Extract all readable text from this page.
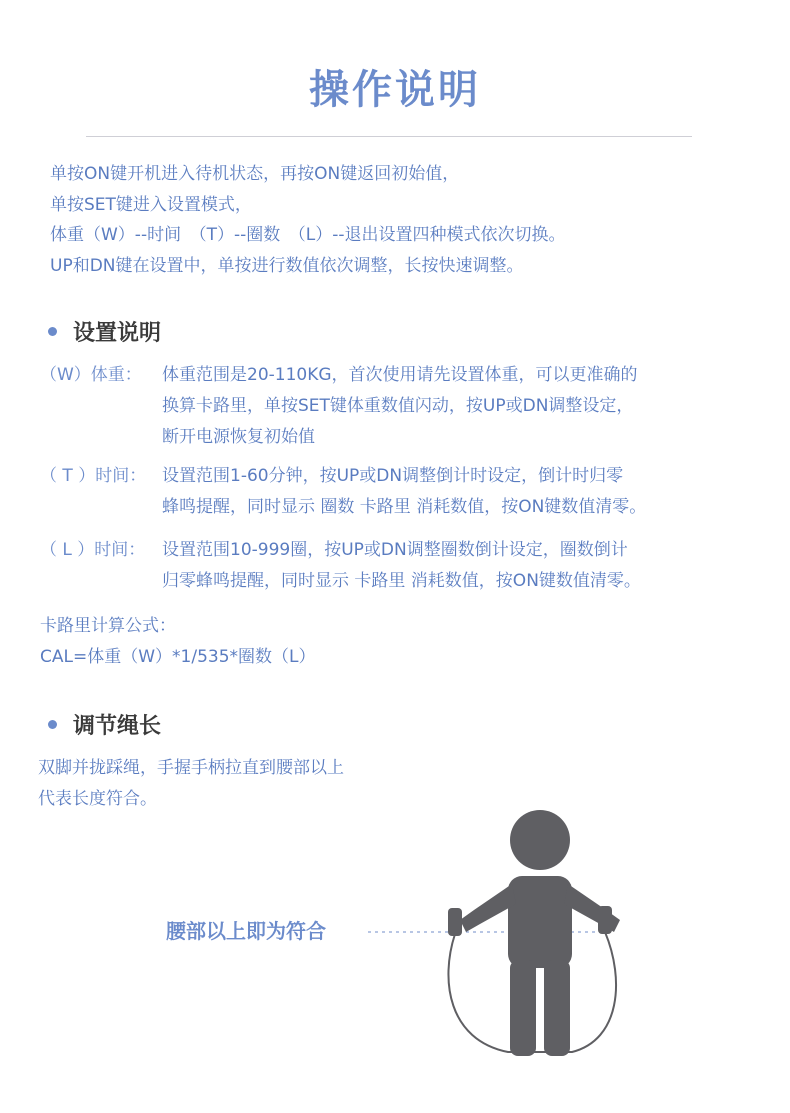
操作说明
单按ON键开机进入待机状态，再按ON键返回初始值，
单按SET键进入设置模式，
体重（W）--时间　（T）--圈数　（L）--退出设置四种模式依次切换。
UP和DN键在设置中，单按进行数值依次调整，长按快速调整。
设置说明
（W）体重：	体重范围是20-110KG，首次使用请先设置体重，可以更准确的
换算卡路里，单按SET键体重数值闪动，按UP或DN调整设定，
断开电源恢复初始值
（ T ）时间： 设置范围1-60分钟，按UP或DN调整倒计时设定，倒计时归零
蜂鸣提醒，同时显示 圈数 卡路里 消耗数值，按ON键数值清零。
（ L ）时间： 设置范围10-999圈，按UP或DN调整圈数倒计设定，圈数倒计
归零蜂鸣提醒，同时显示 卡路里 消耗数值，按ON键数值清零。
卡路里计算公式：
CAL=体重（W）*1/535*圈数（L）
调节绳长
双脚并拢踩绳，手握手柄拉直到腰部以上
代表长度符合。
腰部以上即为符合
